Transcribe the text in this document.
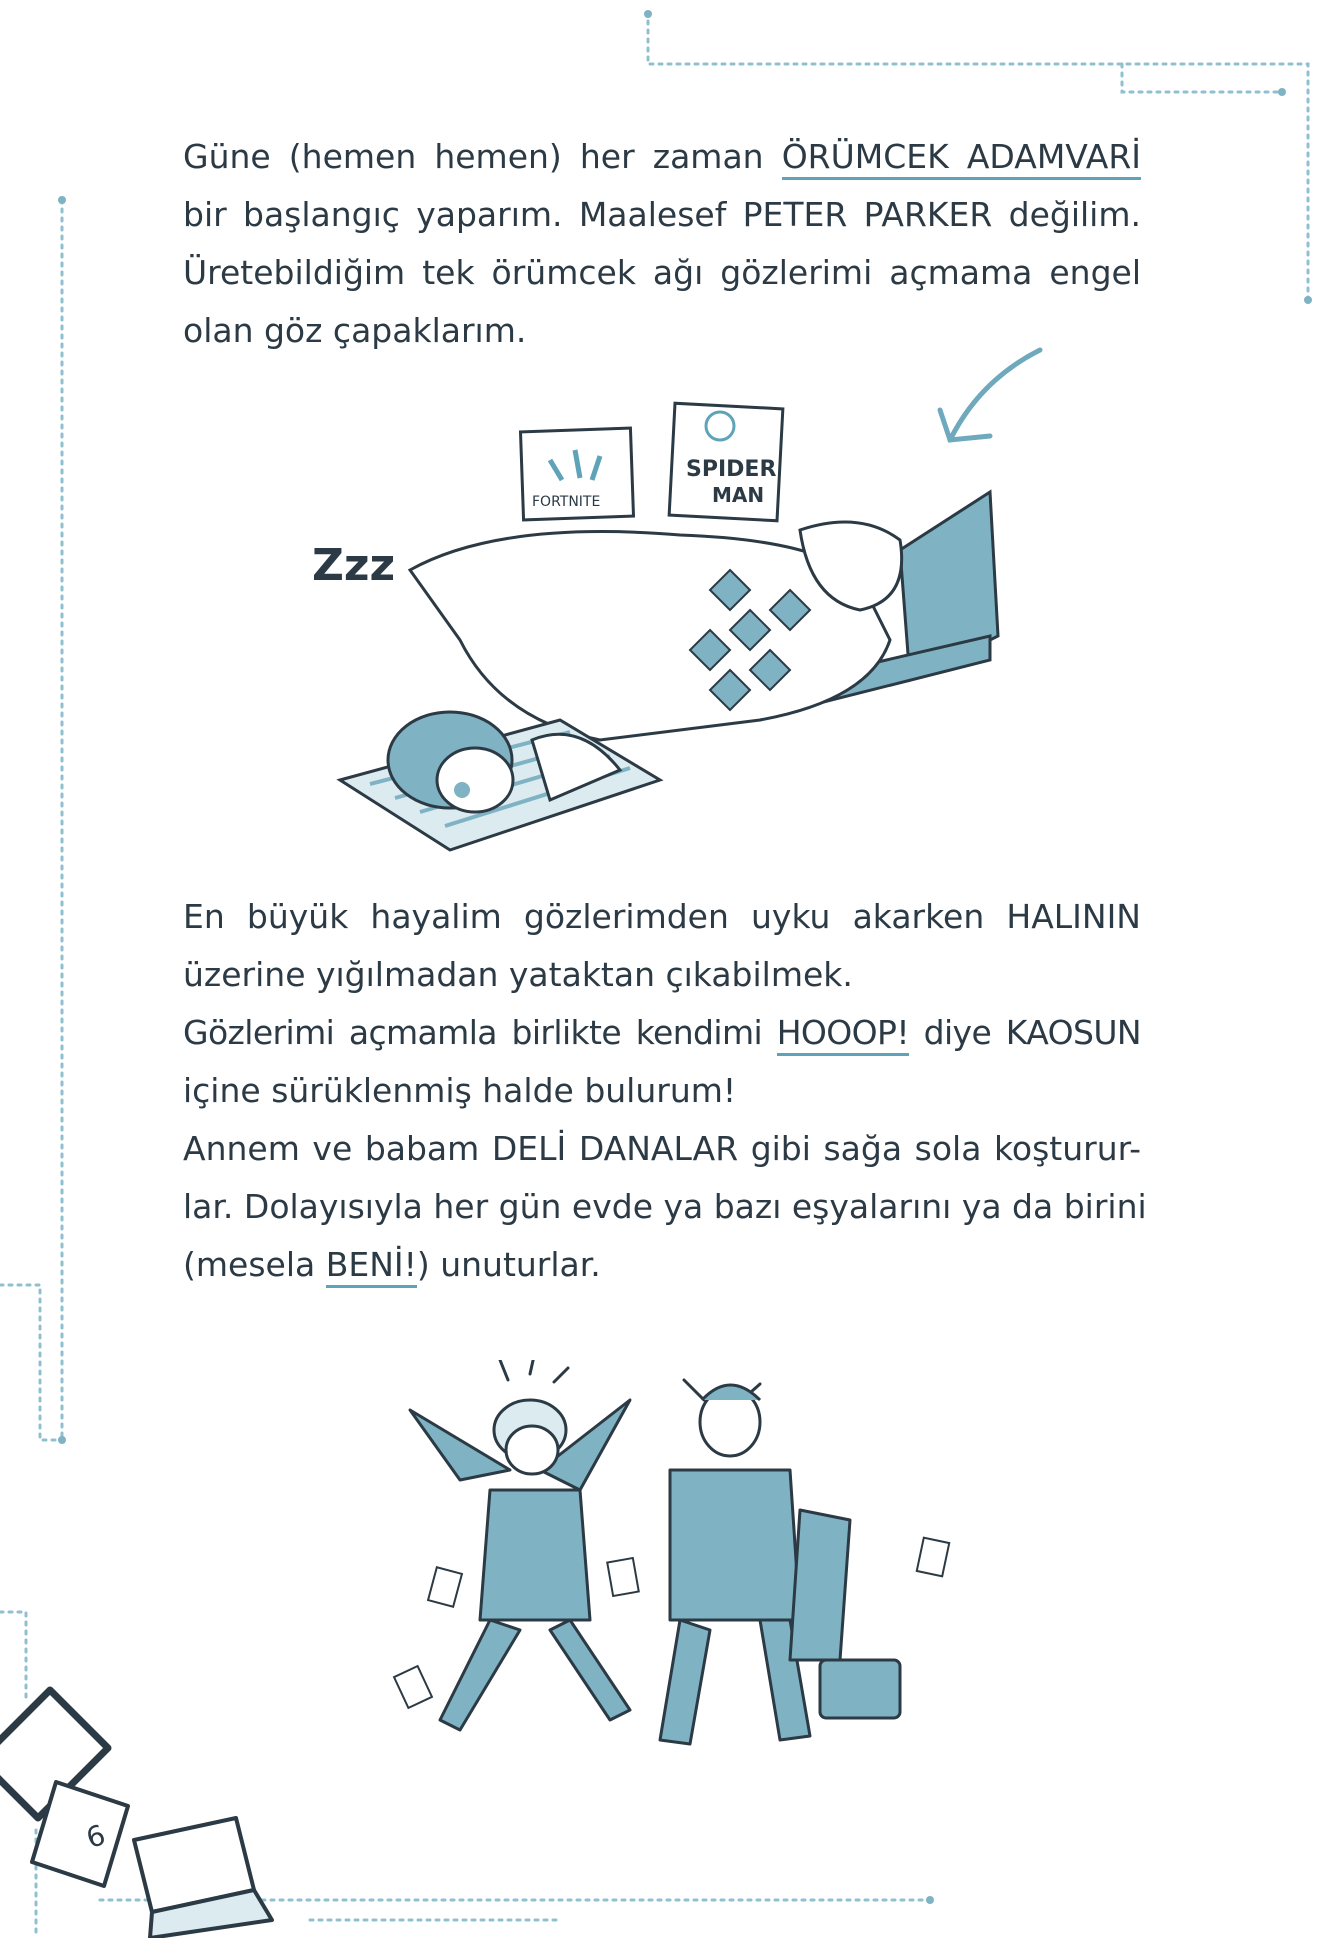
Güne (hemen hemen) her zaman ÖRÜMCEK ADAMVARİ
bir başlangıç yaparım. Maalesef PETER PARKER değilim.
Üretebildiğim tek örümcek ağı gözlerimi açmama engel
olan göz çapaklarım.
FORTNITE
SPIDER
MAN
Zzz
En büyük hayalim gözlerimden uyku akarken HALININ
üzerine yığılmadan yataktan çıkabilmek.
Gözlerimi açmamla birlikte kendimi HOOOP! diye KAOSUN
içine sürüklenmiş halde bulurum!
Annem ve babam DELİ DANALAR gibi sağa sola koşturur-
lar. Dolayısıyla her gün evde ya bazı eşyalarını ya da birini
(mesela BENİ!) unuturlar.
6
